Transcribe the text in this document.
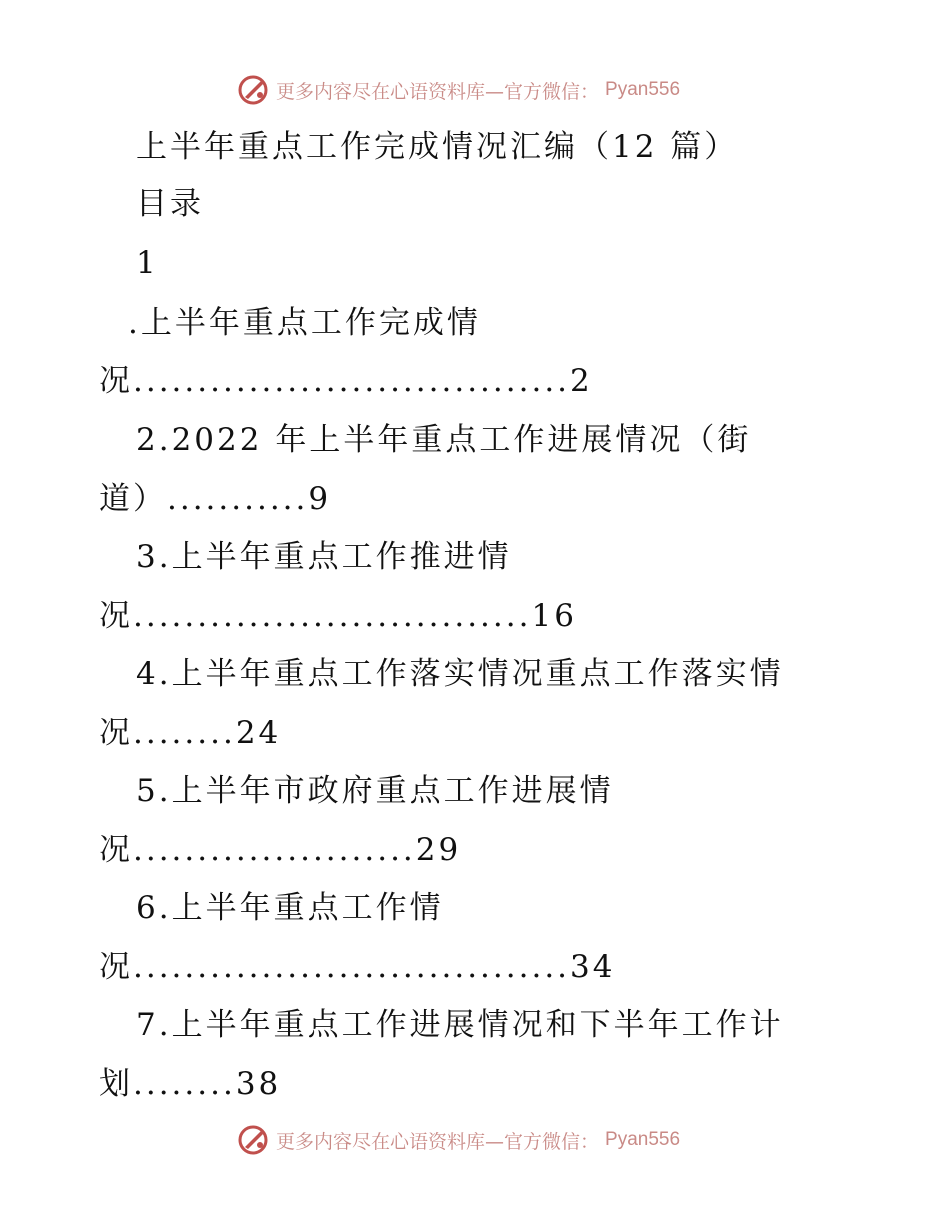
更多内容尽在心语资料库—官方微信： Pyan556
上半年重点工作完成情况汇编（12 篇）
目录
1
.上半年重点工作完成情
况..................................2
2.2022 年上半年重点工作进展情况（街
道）...........9
3.上半年重点工作推进情
况...............................16
4.上半年重点工作落实情况重点工作落实情
况........24
5.上半年市政府重点工作进展情
况......................29
6.上半年重点工作情
况..................................34
7.上半年重点工作进展情况和下半年工作计
划........38
更多内容尽在心语资料库—官方微信： Pyan556
